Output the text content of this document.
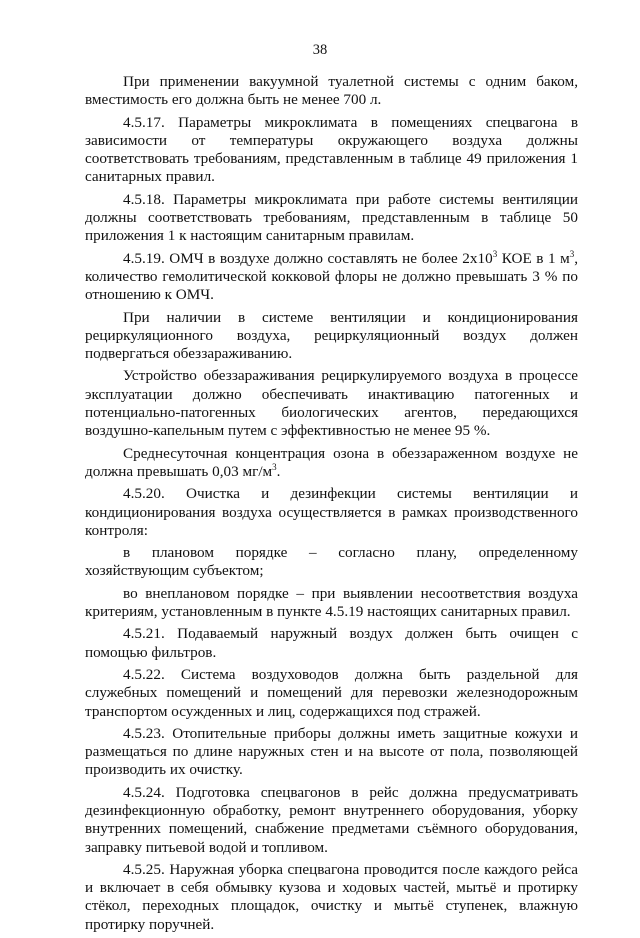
38

При применении вакуумной туалетной системы с одним баком, вместимость его должна быть не менее 700 л.

4.5.17. Параметры микроклимата в помещениях спецвагона в зависимости от температуры окружающего воздуха должны соответствовать требованиям, представленным в таблице 49 приложения 1 санитарных правил.

4.5.18. Параметры микроклимата при работе системы вентиляции должны соответствовать требованиям, представленным в таблице 50 приложения 1 к настоящим санитарным правилам.

4.5.19. ОМЧ в воздухе должно составлять не более $2х10^3$ КОЕ в 1 $м^3$, количество гемолитической кокковой флоры не должно превышать 3 % по отношению к ОМЧ.

При наличии в системе вентиляции и кондиционирования рециркуляционного воздуха, рециркуляционный воздух должен подвергаться обеззараживанию.

Устройство обеззараживания рециркулируемого воздуха в процессе эксплуатации должно обеспечивать инактивацию патогенных и потенциально-патогенных биологических агентов, передающихся воздушно-капельным путем с эффективностью не менее 95 %.

Среднесуточная концентрация озона в обеззараженном воздухе не должна превышать 0,03 $мг/м^3$.

4.5.20. Очистка и дезинфекции системы вентиляции и кондиционирования воздуха осуществляется в рамках производственного контроля:

в плановом порядке – согласно плану, определенному хозяйствующим субъектом;

во внеплановом порядке – при выявлении несоответствия воздуха критериям, установленным в пункте 4.5.19 настоящих санитарных правил.

4.5.21. Подаваемый наружный воздух должен быть очищен с помощью фильтров.

4.5.22. Система воздуховодов должна быть раздельной для служебных помещений и помещений для перевозки железнодорожным транспортом осужденных и лиц, содержащихся под стражей.

4.5.23. Отопительные приборы должны иметь защитные кожухи и размещаться по длине наружных стен и на высоте от пола, позволяющей производить их очистку.

4.5.24. Подготовка спецвагонов в рейс должна предусматривать дезинфекционную обработку, ремонт внутреннего оборудования, уборку внутренних помещений, снабжение предметами съёмного оборудования, заправку питьевой водой и топливом.

4.5.25. Наружная уборка спецвагона проводится после каждого рейса и включает в себя обмывку кузова и ходовых частей, мытьё и протирку стёкол, переходных площадок, очистку и мытьё ступенек, влажную протирку поручней.
